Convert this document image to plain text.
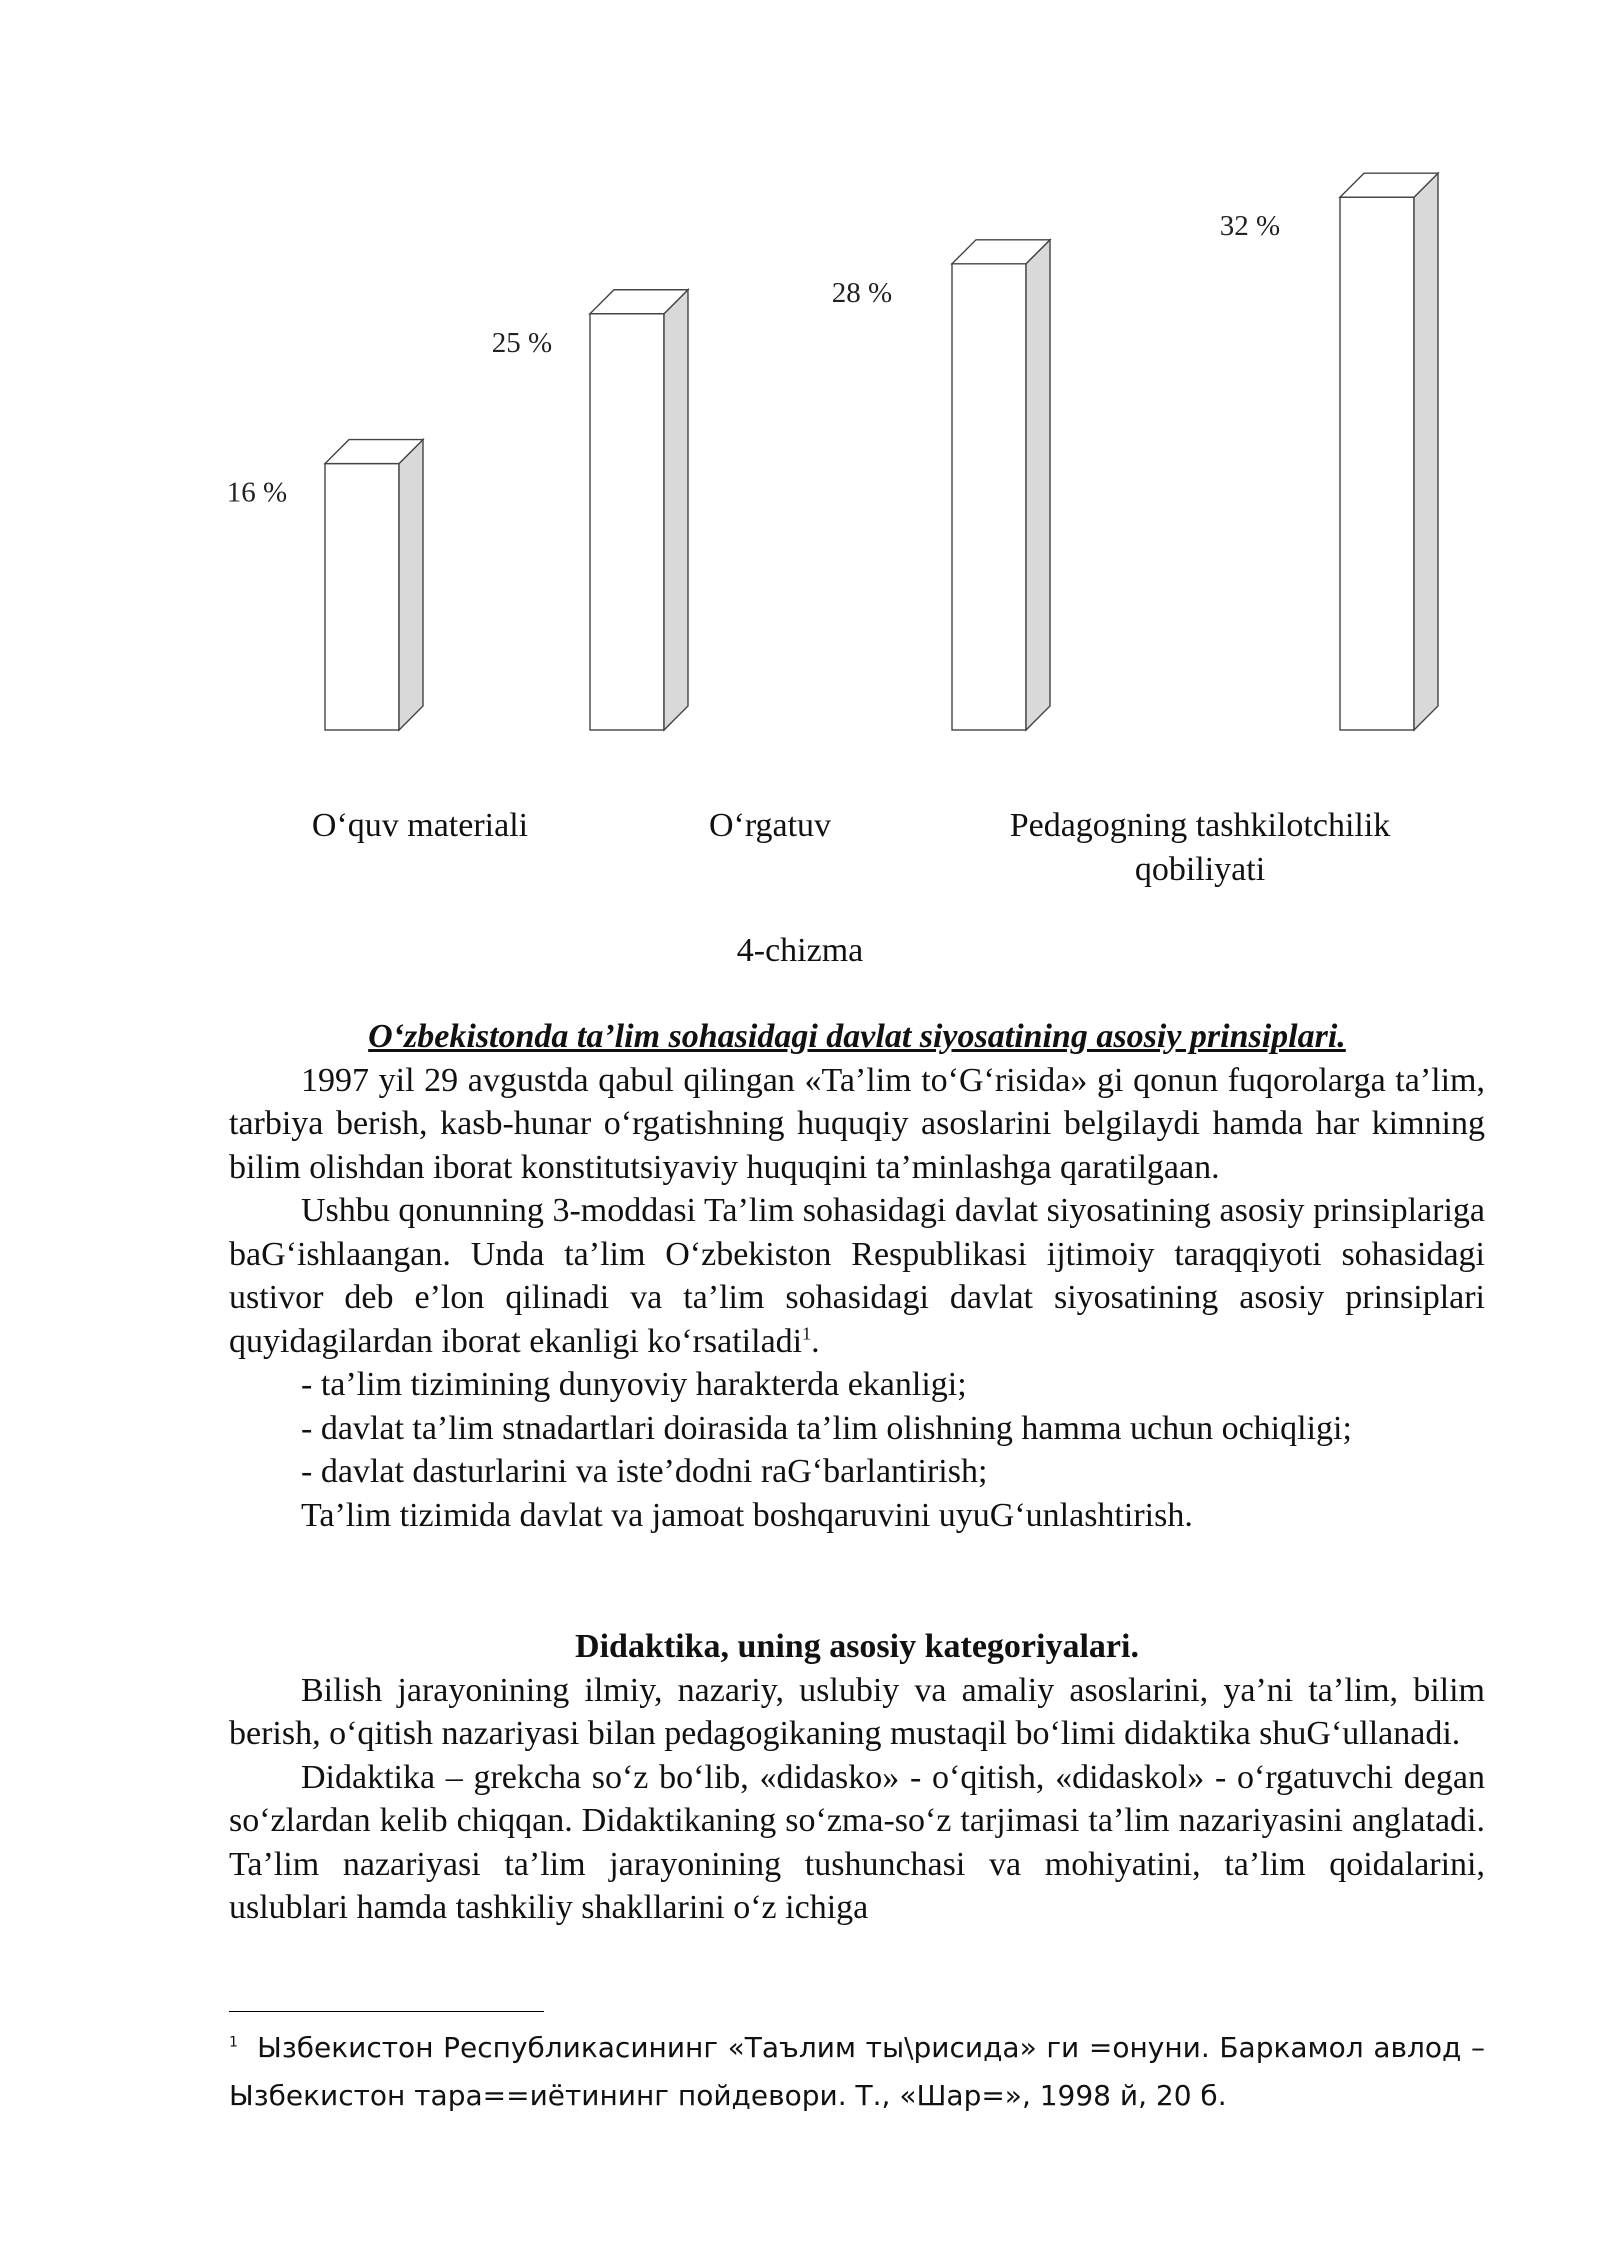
16 %
25 %
28 %
32 %
O‘quv materiali	O‘rgatuv	Pedagogning tashkilotchilik qobiliyati
4-chizma

O‘zbekistonda ta’lim sohasidagi davlat siyosatining asosiy prinsiplari.

1997 yil 29 avgustda qabul qilingan «Ta’lim to‘G‘risida» gi qonun fuqorolarga ta’lim, tarbiya berish, kasb-hunar o‘rgatishning huquqiy asoslarini belgilaydi hamda har kimning bilim olishdan iborat konstitutsiyaviy huquqini ta’minlashga qaratilgaan.

Ushbu qonunning 3-moddasi Ta’lim sohasidagi davlat siyosatining asosiy prinsiplariga baG‘ishlaangan. Unda ta’lim O‘zbekiston Respublikasi ijtimoiy taraqqiyoti sohasidagi ustivor deb e’lon qilinadi va ta’lim sohasidagi davlat siyosatining asosiy prinsiplari quyidagilardan iborat ekanligi ko‘rsatiladi$^1$.

- ta’lim tizimining dunyoviy harakterda ekanligi;

- davlat ta’lim stnadartlari doirasida ta’lim olishning hamma uchun ochiqligi;

- davlat dasturlarini va iste’dodni raG‘barlantirish;

Ta’lim tizimida davlat va jamoat boshqaruvini uyuG‘unlashtirish.

Didaktika, uning asosiy kategoriyalari.

Bilish jarayonining ilmiy, nazariy, uslubiy va amaliy asoslarini, ya’ni ta’lim, bilim berish, o‘qitish nazariyasi bilan pedagogikaning mustaqil bo‘limi didaktika shuG‘ullanadi.

Didaktika – grekcha so‘z bo‘lib, «didasko» - o‘qitish, «didaskol» - o‘rgatuvchi degan so‘zlardan kelib chiqqan. Didaktikaning so‘zma-so‘z tarjimasi ta’lim nazariyasini anglatadi. Ta’lim nazariyasi ta’lim jarayonining tushunchasi va mohiyatini, ta’lim qoidalarini, uslublari hamda tashkiliy shakllarini o‘z ichiga

$^1$ Ызбекистон Республикасининг «Таълим ты\рисида» ги =онуни. Баркамол авлод – Ызбекистон тара==иётининг пойдевори. Т., «Шар=», 1998 й, 20 б.
